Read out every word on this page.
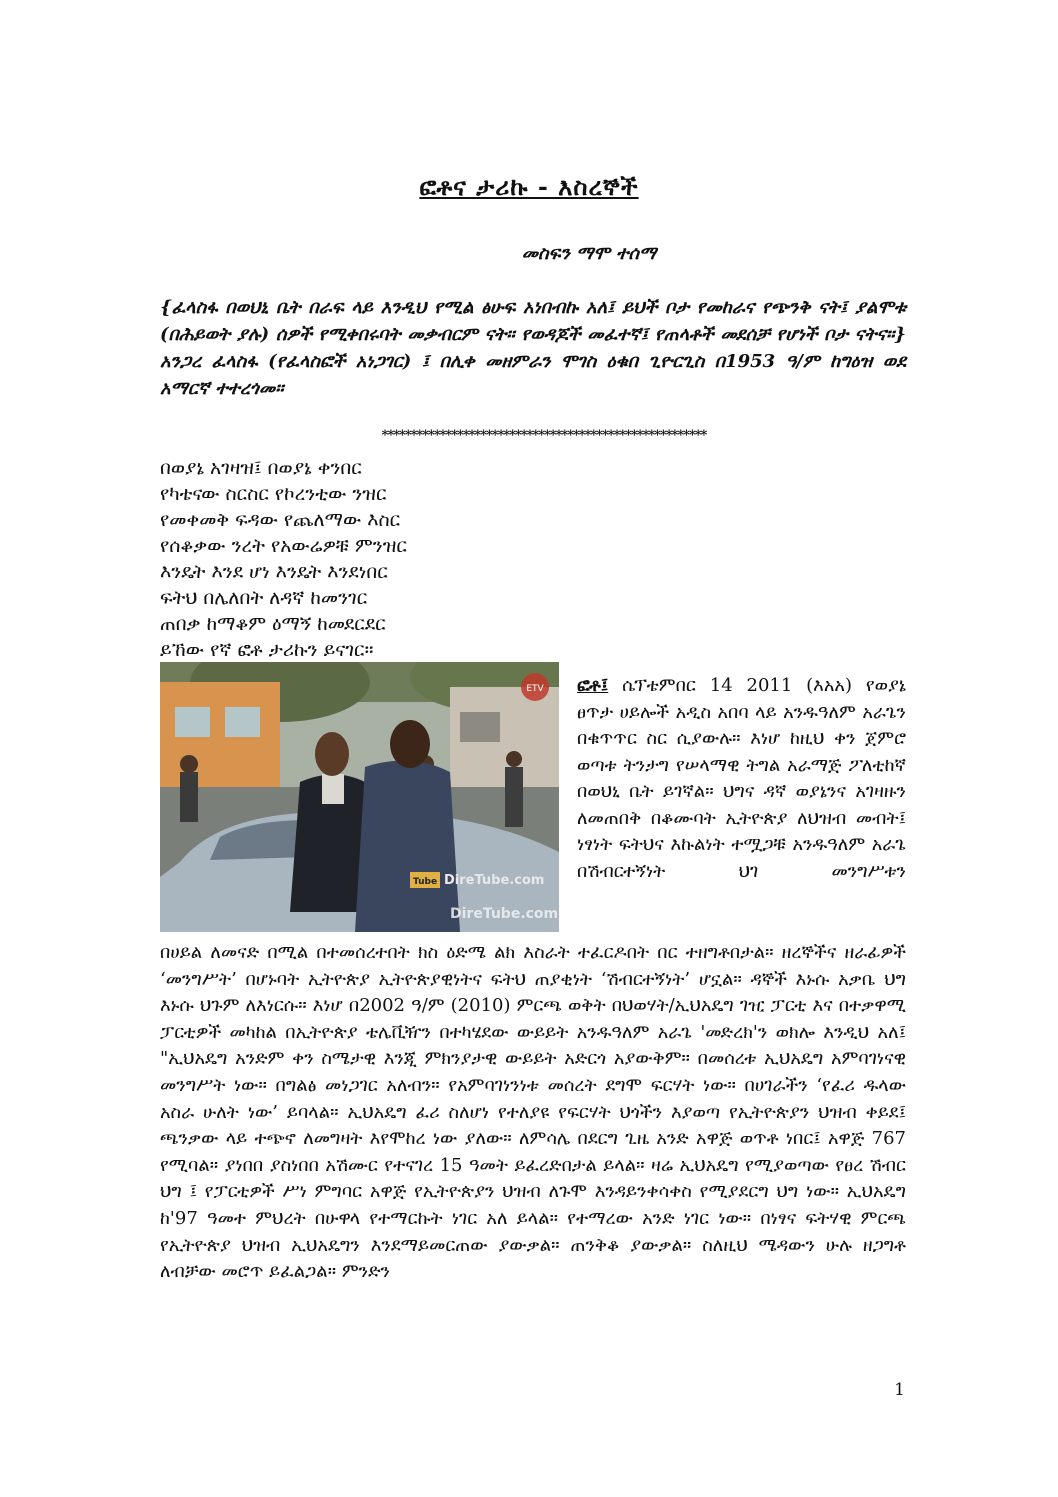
ፎቶና ታሪኩ - እስረኞች
መስፍን ማሞ ተሰማ
{ፈላስፋ በወህኒ ቤት በራፍ ላይ እንዲህ የሚል ፅሁፍ አነበብኩ አለ፤ ይህች ቦታ የመከራና የጭንቅ ናት፤ ያልሞቱ (በሕይወት ያሉ) ሰዎች የሚቀበሩባት መቃብርም ናት። የወዳጆች መፈተኛ፤ የጠላቶች መደሰቻ የሆነች ቦታ ናትና።} አንጋረ ፈላስፋ (የፈላስፎች አነጋገር) ፤ በሊቀ መዘምራን ሞገስ ዕቁበ ጊዮርጊስ በ1953 ዓ/ም ከግዕዝ ወደ አማርኛ ተተረጎመ።
********************************************************
በወያኔ አገዛዝ፤ በወያኔ ቀንበር
የካቴናው ስርስር የኮረንቲው ንዝር
የመቀመቅ ፍዳው የጨለማው እስር
የሰቆቃው ንረት የአውሬዎቹ ምንዝር
እንዴት እንደ ሆነ እንዴት እንደነበር
ፍትህ በሌለበት ለዳኛ ከመንገር
ጠበቃ ከማቆም ዕማኝ ከመደርደር
ይኸው የኛ ፎቶ ታሪኩን ይናገር።
ETV
Tube DireTube.com
DireTube.com
ፎቶ፤ ሴፕቴምበር 14 2011 (እአአ) የወያኔ ፀጥታ ሀይሎች አዲስ አበባ ላይ አንዱዓለም አራጌን በቁጥጥር ስር ሲያውሉ። እነሆ ከዚህ ቀን ጀምሮ ወጣቱ ትንታግ የሠላማዊ ትግል አራማጅ ፖለቲከኛ በወህኒ ቤት ይገኛል። ህግና ዳኛ ወያኔንና አገዛዙን ለመጠበቅ በቆሙባት ኢትዮጵያ ለህዝብ መብት፤ ነፃነት ፍትህና እኩልነት ተሟጋቹ አንዱዓለም አራጌ በሽብርተኝነት ህገ መንግሥቱን
በሀይል ለመናድ በሚል በተመሰረተበት ክስ ዕድሜ ልክ እስራት ተፈርዶበት በር ተዘግቶበታል። ዘረኞችና ዘራፊዎች ‘መንግሥት’ በሆኑባት ኢትዮጵያ ኢትዮጵያዊነትና ፍትህ ጠያቂነት ‘ሽብርተኝነት’ ሆኗል። ዳኞች እኑሱ አቃቤ ህግ እኑሱ ህጉም ለእነርሱ። እነሆ በ2002 ዓ/ም (2010) ምርጫ ወቅት በህወሃት/ኢህአዴግ ገዢ ፓርቲ እና በተቃዋሚ ፓርቲዎች መካከል በኢትዮጵያ ቴሌቪዥን በተካሄደው ውይይት አንዱዓለም አራጌ 'መድረክ'ን ወክሎ እንዲህ አለ፤ "ኢህአዴግ አንድም ቀን ስሜታዊ እንጂ ምክንያታዊ ውይይት አድርጎ አያውቅም። በመሰረቱ ኢህአዴግ አምባገነናዊ መንግሥት ነው። በግልፅ መነጋገር አለብን። የአምባገነንነቱ መሰረት ደግሞ ፍርሃት ነው። በሀገራችን ‘የፈሪ ዱላው አስራ ሁለት ነው’ ይባላል። ኢህአዴግ ፈሪ ስለሆነ የተለያዩ የፍርሃት ህጎችን እያወጣ የኢትዮጵያን ህዝብ ቀይደ፤ ጫንቃው ላይ ተጭኖ ለመግዛት እየሞከረ ነው ያለው። ለምሳሌ በደርግ ጊዜ አንድ አዋጅ ወጥቶ ነበር፤ አዋጅ 767 የሚባል። ያነበበ ያስነበበ አሽሙር የተናገረ 15 ዓመት ይፈረድበታል ይላል። ዛሬ ኢህአዴግ የሚያወጣው የፀረ ሽብር ህግ ፤ የፓርቲዎች ሥነ ምግባር አዋጅ የኢትዮጵያን ህዝብ ለጉሞ እንዳይንቀሳቀስ የሚያደርግ ህግ ነው። ኢህአዴግ ከ'97 ዓመተ ምህረት በሁዋላ የተማርኩት ነገር አለ ይላል። የተማረው አንድ ነገር ነው። በነፃና ፍትሃዊ ምርጫ የኢትዮጵያ ህዝብ ኢህአዴግን እንደማይመርጠው ያውቃል። ጠንቅቆ ያውቃል። ስለዚህ ሜዳውን ሁሉ ዘጋግቶ ለብቻው መሮጥ ይፈልጋል። ምንድን
1
